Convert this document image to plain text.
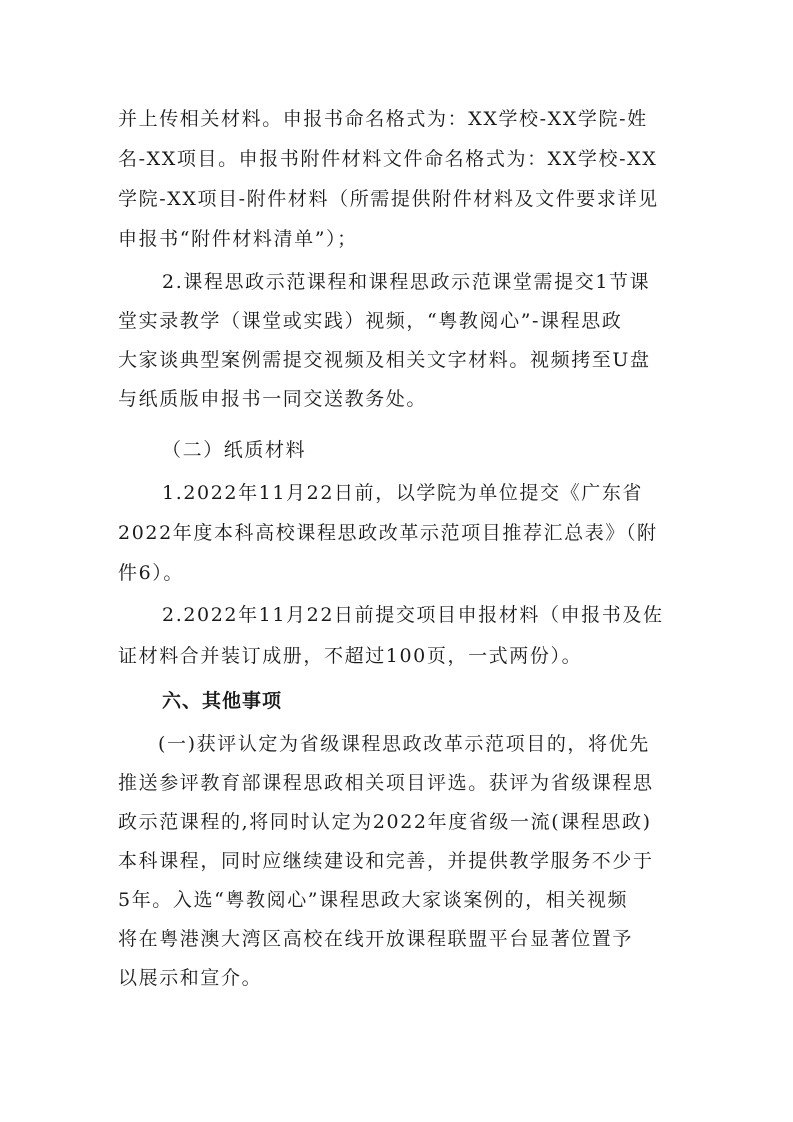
并上传相关材料。申报书命名格式为：XX学校-XX学院-姓
名-XX项目。申报书附件材料文件命名格式为：XX学校-XX
学院-XX项目-附件材料（所需提供附件材料及文件要求详见
申报书“附件材料清单”）；
2.课程思政示范课程和课程思政示范课堂需提交1节课
堂实录教学（课堂或实践）视频，“粤教阅心”-课程思政
大家谈典型案例需提交视频及相关文字材料。视频拷至U盘
与纸质版申报书一同交送教务处。
（二）纸质材料
1.2022年11月22日前，以学院为单位提交《广东省
2022年度本科高校课程思政改革示范项目推荐汇总表》（附
件6）。
2.2022年11月22日前提交项目申报材料（申报书及佐
证材料合并装订成册，不超过100页，一式两份）。
六、其他事项
(一)获评认定为省级课程思政改革示范项目的，将优先
推送参评教育部课程思政相关项目评选。获评为省级课程思
政示范课程的,将同时认定为2022年度省级一流(课程思政)
本科课程，同时应继续建设和完善，并提供教学服务不少于
5年。入选“粤教阅心”课程思政大家谈案例的，相关视频
将在粤港澳大湾区高校在线开放课程联盟平台显著位置予
以展示和宣介。
